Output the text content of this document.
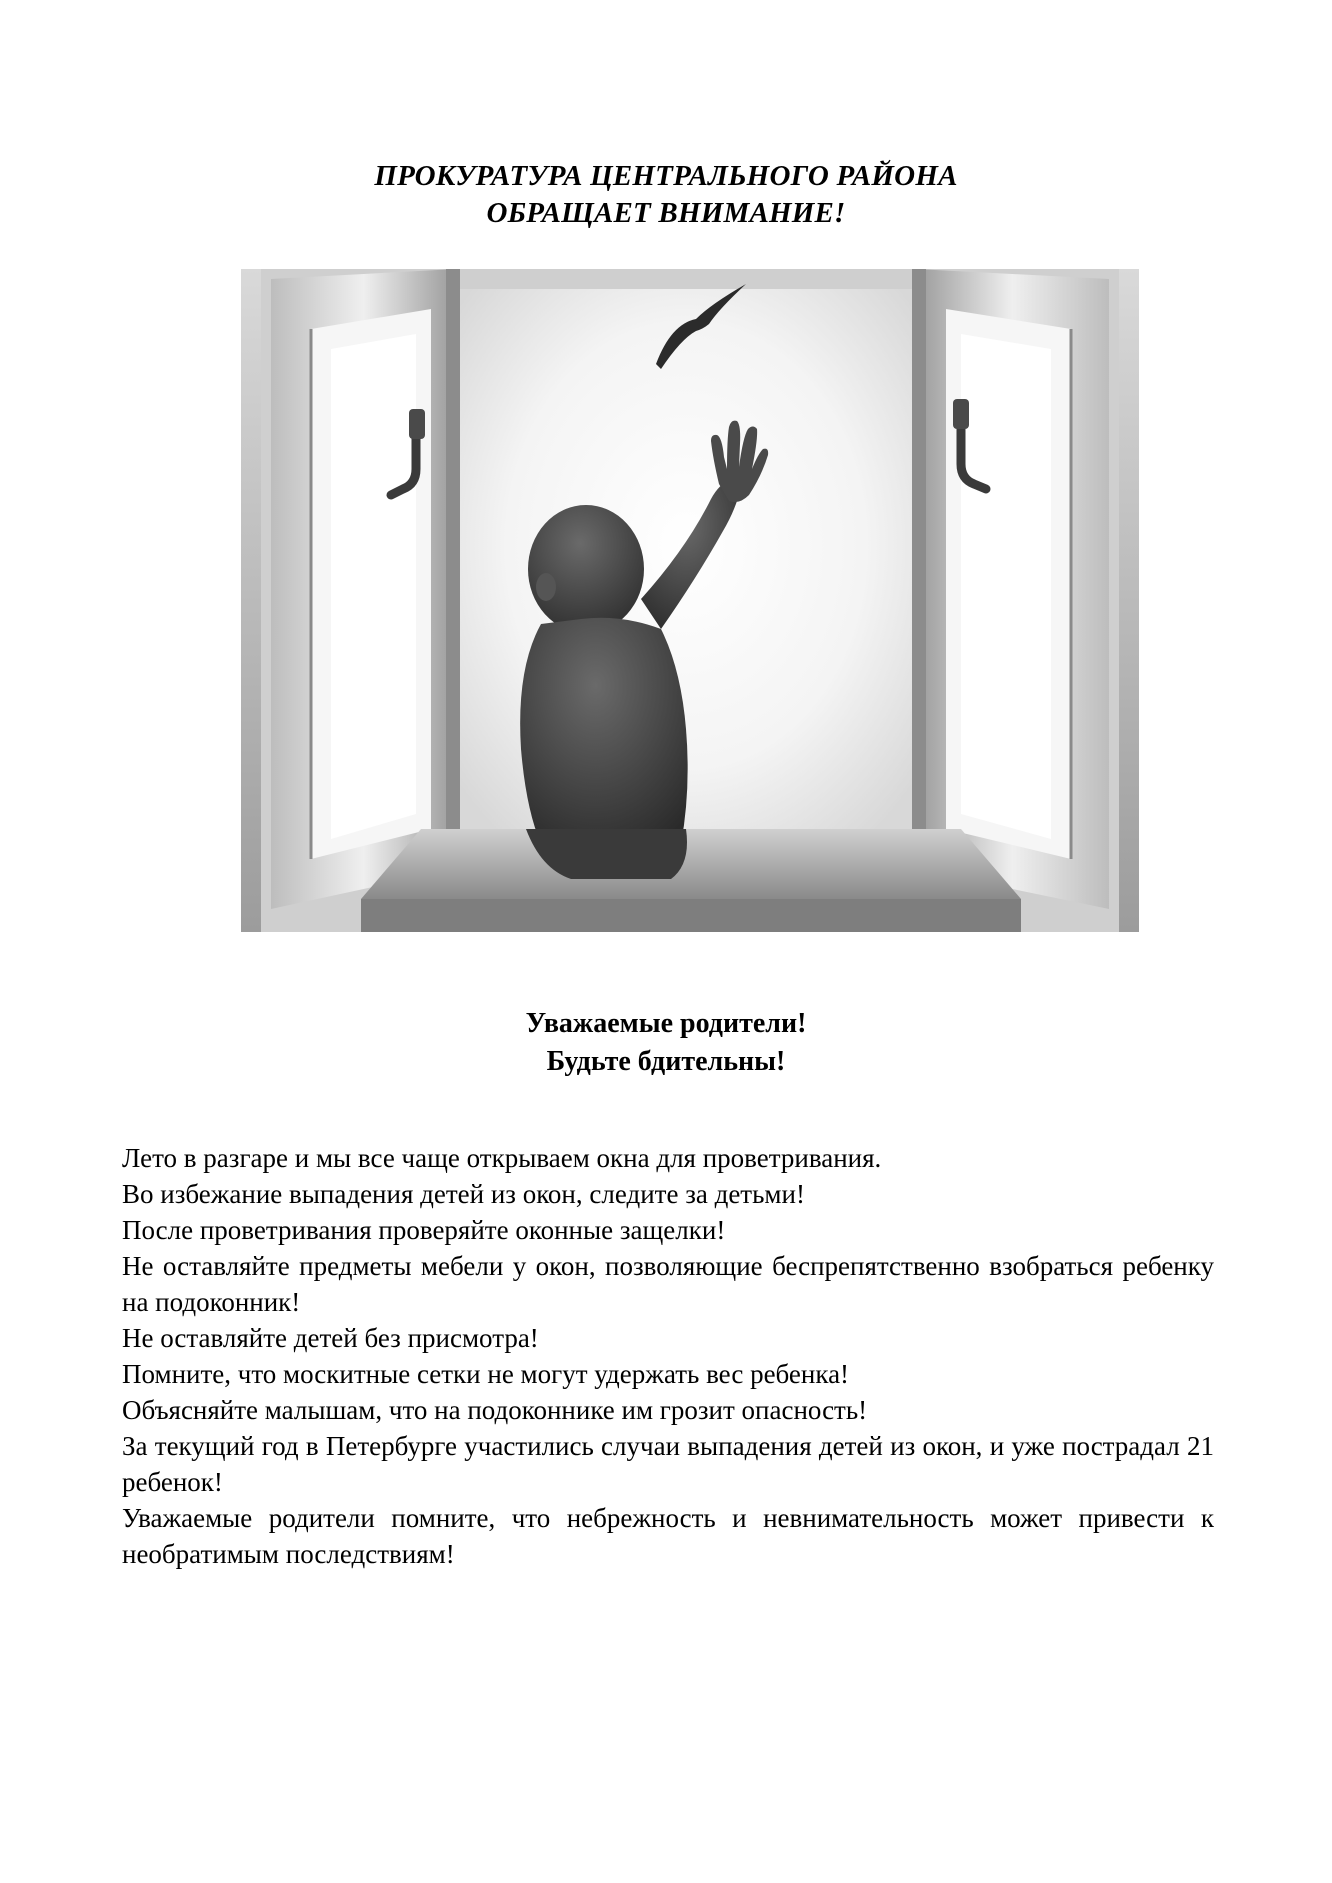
ПРОКУРАТУРА ЦЕНТРАЛЬНОГО РАЙОНА
ОБРАЩАЕТ ВНИМАНИЕ!
Уважаемые родители!
Будьте бдительны!

Лето в разгаре и мы все чаще открываем окна для проветривания.

Во избежание выпадения детей из окон, следите за детьми!

После проветривания проверяйте оконные защелки!

Не оставляйте предметы мебели у окон, позволяющие беспрепятственно взобраться ребенку на подоконник!

Не оставляйте детей без присмотра!

Помните, что москитные сетки не могут удержать вес ребенка!

Объясняйте малышам, что на подоконнике им грозит опасность!

За текущий год в Петербурге участились случаи выпадения детей из окон, и уже пострадал 21 ребенок!

Уважаемые родители помните, что небрежность и невнимательность может привести к необратимым последствиям!
